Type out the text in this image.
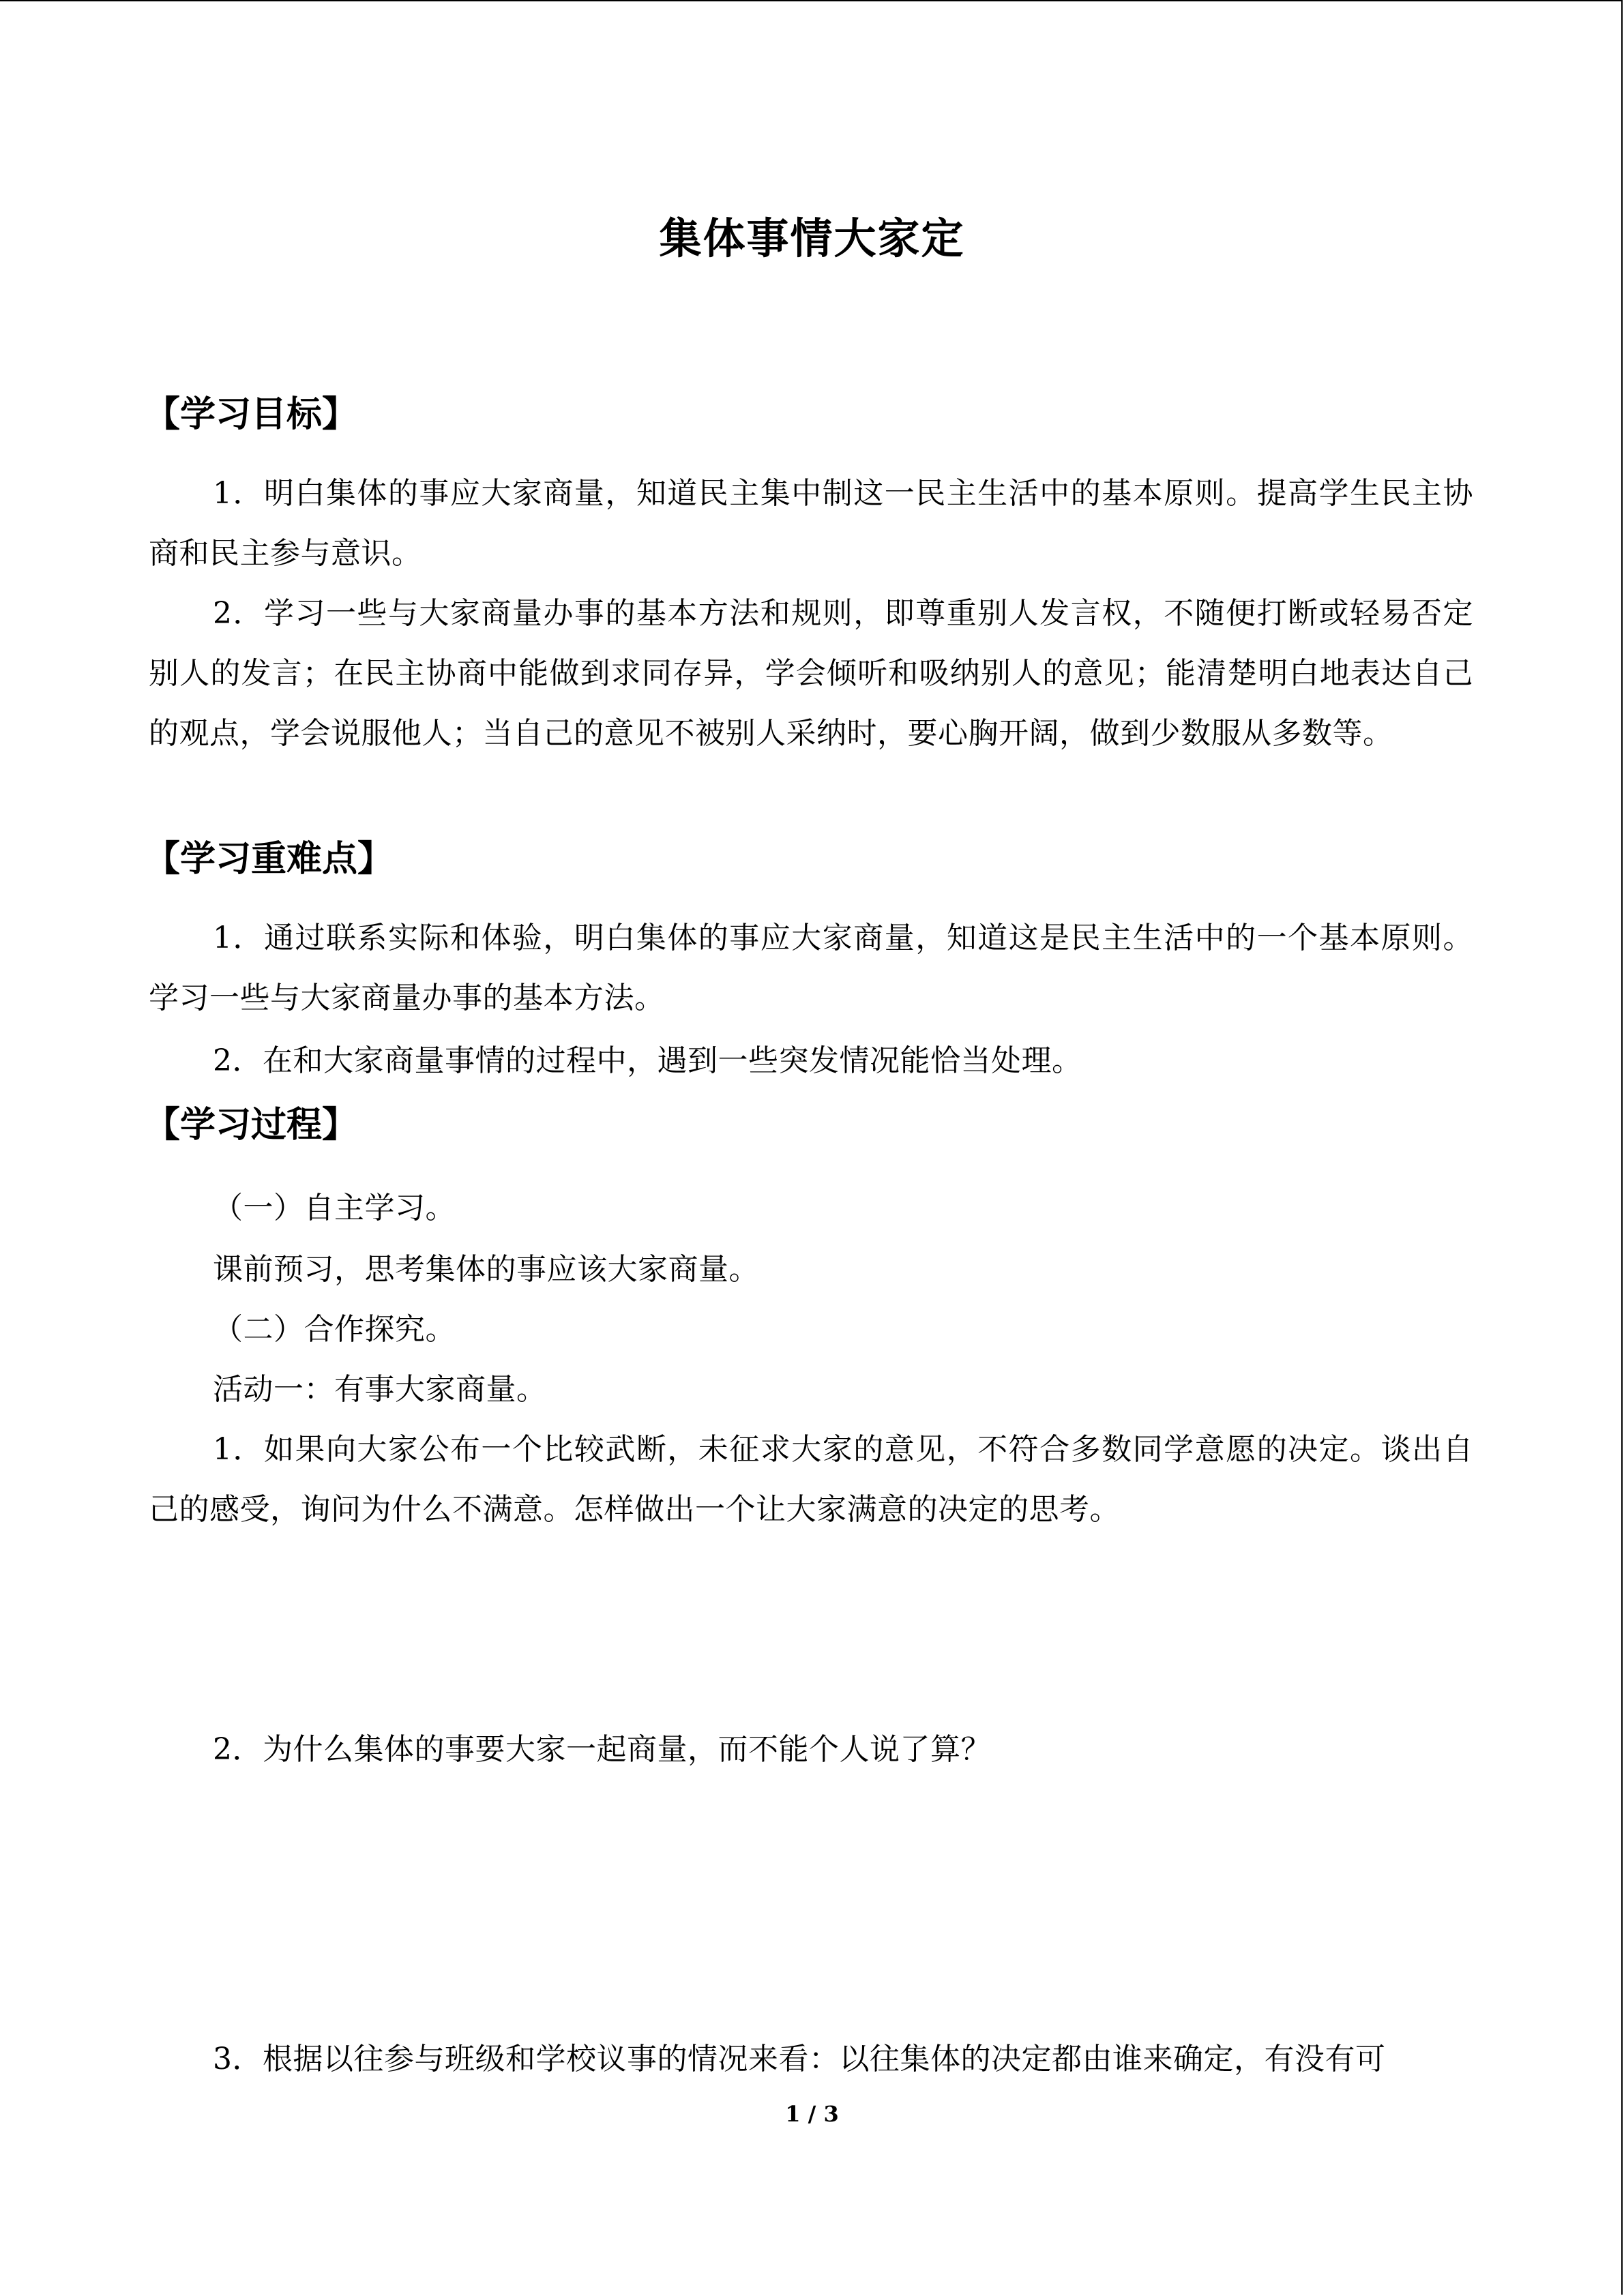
集体事情大家定
【学习目标】
1．明白集体的事应大家商量，知道民主集中制这一民主生活中的基本原则。提高学生民主协商和民主参与意识。
2．学习一些与大家商量办事的基本方法和规则，即尊重别人发言权，不随便打断或轻易否定别人的发言；在民主协商中能做到求同存异，学会倾听和吸纳别人的意见；能清楚明白地表达自己的观点，学会说服他人；当自己的意见不被别人采纳时，要心胸开阔，做到少数服从多数等。
【学习重难点】
1．通过联系实际和体验，明白集体的事应大家商量，知道这是民主生活中的一个基本原则。学习一些与大家商量办事的基本方法。
2．在和大家商量事情的过程中，遇到一些突发情况能恰当处理。
【学习过程】
（一）自主学习。
课前预习，思考集体的事应该大家商量。
（二）合作探究。
活动一：有事大家商量。
1．如果向大家公布一个比较武断，未征求大家的意见，不符合多数同学意愿的决定。谈出自己的感受，询问为什么不满意。怎样做出一个让大家满意的决定的思考。
2．为什么集体的事要大家一起商量，而不能个人说了算？
3．根据以往参与班级和学校议事的情况来看：以往集体的决定都由谁来确定，有没有可
1 / 3
